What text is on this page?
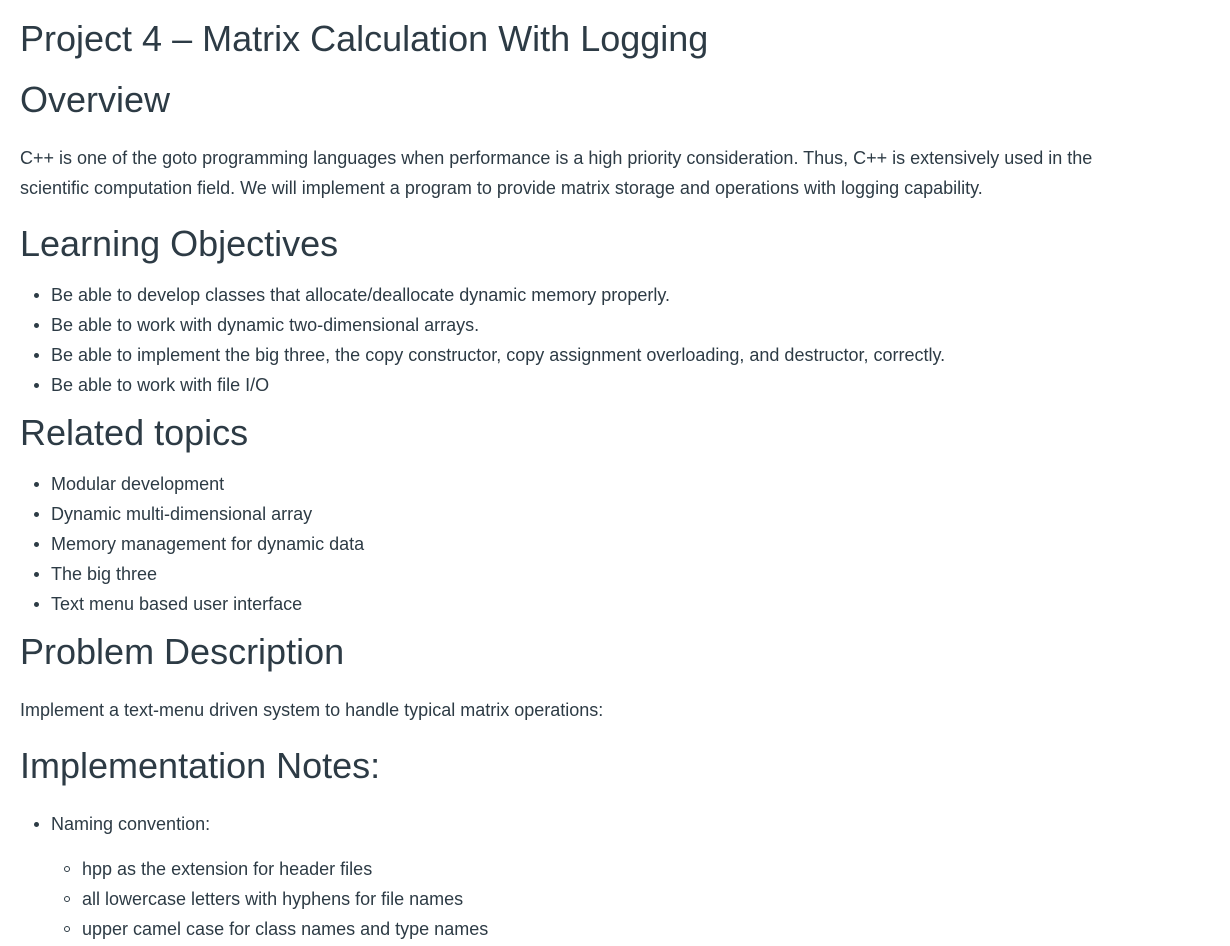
Project 4 – Matrix Calculation With Logging
Overview

C++ is one of the goto programming languages when performance is a high priority consideration. Thus, C++ is extensively used in the scientific computation field. We will implement a program to provide matrix storage and operations with logging capability.

Learning Objectives
Be able to develop classes that allocate/deallocate dynamic memory properly.
Be able to work with dynamic two-dimensional arrays.
Be able to implement the big three, the copy constructor, copy assignment overloading, and destructor, correctly.
Be able to work with file I/O
Related topics
Modular development
Dynamic multi-dimensional array
Memory management for dynamic data
The big three
Text menu based user interface
Problem Description

Implement a text-menu driven system to handle typical matrix operations:

Implementation Notes:
Naming convention:
hpp as the extension for header files
all lowercase letters with hyphens for file names
upper camel case for class names and type names
